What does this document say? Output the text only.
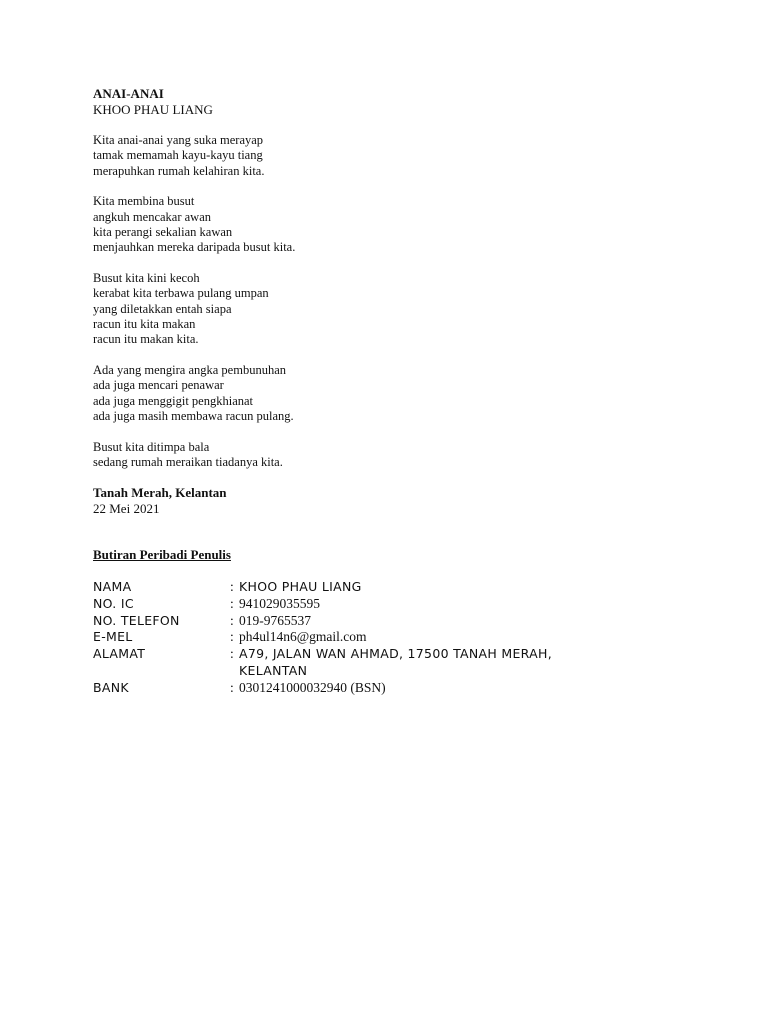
ANAI-ANAI
KHOO PHAU LIANG
Kita anai-anai yang suka merayap
tamak memamah kayu-kayu tiang
merapuhkan rumah kelahiran kita.
Kita membina busut
angkuh mencakar awan
kita perangi sekalian kawan
menjauhkan mereka daripada busut kita.
Busut kita kini kecoh
kerabat kita terbawa pulang umpan
yang diletakkan entah siapa
racun itu kita makan
racun itu makan kita.
Ada yang mengira angka pembunuhan
ada juga mencari penawar
ada juga menggigit pengkhianat
ada juga masih membawa racun pulang.
Busut kita ditimpa bala
sedang rumah meraikan tiadanya kita.
Tanah Merah, Kelantan
22 Mei 2021
Butiran Peribadi Penulis
NAMA	: KHOO PHAU LIANG
NO. IC	: 941029035595
NO. TELEFON	: 019-9765537
E-MEL	: ph4ul14n6@gmail.com
ALAMAT	: A79, JALAN WAN AHMAD, 17500 TANAH MERAH,
KELANTAN
BANK	: 0301241000032940 (BSN)
